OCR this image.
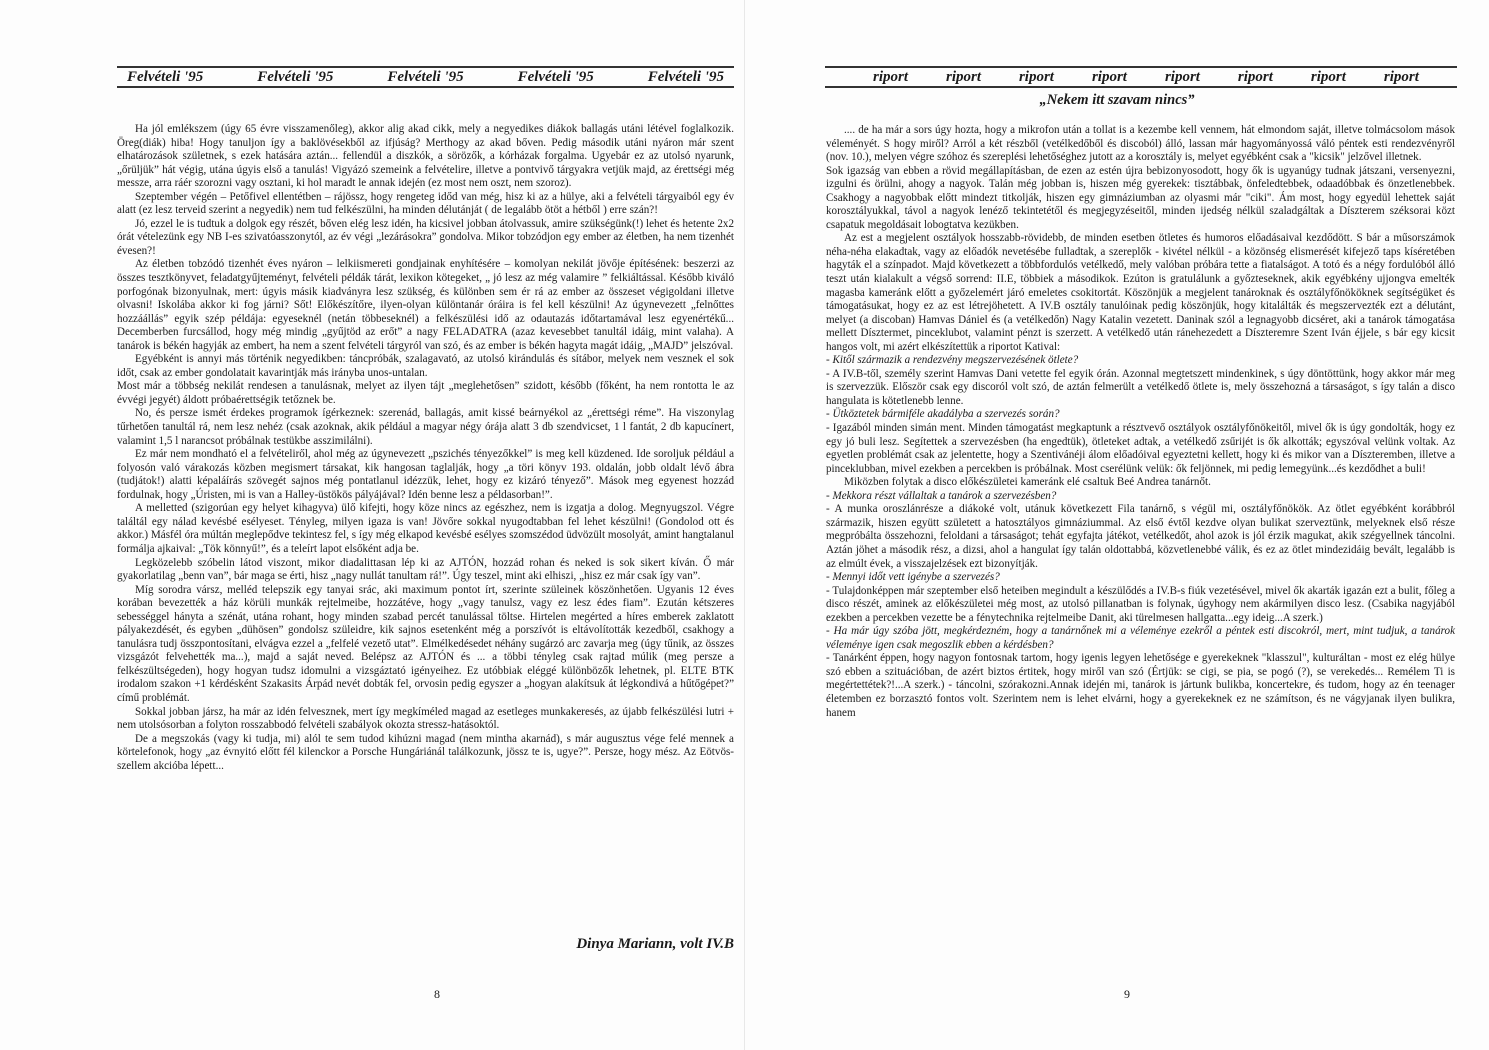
Felvételi '95	Felvételi '95	Felvételi '95	Felvételi '95	Felvételi '95

Ha jól emlékszem (úgy 65 évre visszamenőleg), akkor alig akad cikk, mely a negyedikes diákok ballagás utáni létével foglalkozik. Öreg(diák) hiba! Hogy tanuljon így a baklövésekből az ifjúság? Merthogy az akad bőven. Pedig második utáni nyáron már szent elhatározások születnek, s ezek hatására aztán... fellendül a diszkók, a sörözők, a kórházak forgalma. Ugyebár ez az utolsó nyarunk, „őrüljük” hát végig, utána úgyis első a tanulás! Vigyázó szemeink a felvételire, illetve a pontvivő tárgyakra vetjük majd, az érettségi még messze, arra ráér szorozni vagy osztani, ki hol maradt le annak idején (ez most nem oszt, nem szoroz).

Szeptember végén – Petőfivel ellentétben – rájössz, hogy rengeteg időd van még, hisz ki az a hülye, aki a felvételi tárgyaiból egy év alatt (ez lesz terveid szerint a negyedik) nem tud felkészülni, ha minden délutánját ( de legalább ötöt a hétből ) erre szán?!

Jó, ezzel le is tudtuk a dolgok egy részét, bőven elég lesz idén, ha kicsivel jobban átolvassuk, amire szükségünk(!) lehet és hetente 2x2 órát vételezünk egy NB I-es szivatóasszonytól, az év végi „lezárásokra” gondolva. Mikor tobzódjon egy ember az életben, ha nem tizenhét évesen?!

Az életben tobzódó tizenhét éves nyáron – lelkiismereti gondjainak enyhítésére – komolyan nekilát jövője építésének: beszerzi az összes tesztkönyvet, feladatgyűjteményt, felvételi példák tárát, lexikon kötegeket, „ jó lesz az még valamire ” felkiáltással. Később kiváló porfogónak bizonyulnak, mert: úgyis másik kiadványra lesz szükség, és különben sem ér rá az ember az összeset végigoldani illetve olvasni! Iskolába akkor ki fog járni? Sőt! Előkészítőre, ilyen-olyan különtanár óráira is fel kell készülni! Az úgynevezett „felnőttes hozzáállás” egyik szép példája: egyeseknél (netán többeseknél) a felkészülési idő az odautazás időtartamával lesz egyenértékű... Decemberben furcsállod, hogy még mindig „gyűjtöd az erőt” a nagy FELADATRA (azaz kevesebbet tanultál idáig, mint valaha). A tanárok is békén hagyják az embert, ha nem a szent felvételi tárgyról van szó, és az ember is békén hagyta magát idáig, „MAJD” jelszóval.

Egyébként is annyi más történik negyedikben: táncpróbák, szalagavató, az utolsó kirándulás és sítábor, melyek nem vesznek el sok időt, csak az ember gondolatait kavarintják más irányba unos-untalan.

Most már a többség nekilát rendesen a tanulásnak, melyet az ilyen tájt „meglehetősen” szidott, később (főként, ha nem rontotta le az évvégi jegyét) áldott próbaérettségik tetőznek be.

No, és persze ismét érdekes programok ígérkeznek: szerenád, ballagás, amit kissé beárnyékol az „érettségi réme”. Ha viszonylag tűrhetően tanultál rá, nem lesz nehéz (csak azoknak, akik például a magyar négy órája alatt 3 db szendvicset, 1 l fantát, 2 db kapucínert, valamint 1,5 l narancsot próbálnak testükbe asszimilálni).

Ez már nem mondható el a felvételiről, ahol még az úgynevezett „pszichés tényezőkkel” is meg kell küzdened. Ide soroljuk például a folyosón való várakozás közben megismert társakat, kik hangosan taglalják, hogy „a töri könyv 193. oldalán, jobb oldalt lévő ábra (tudjátok!) alatti képaláírás szövegét sajnos még pontatlanul idézzük, lehet, hogy ez kizáró tényező”. Mások meg egyenest hozzád fordulnak, hogy „Úristen, mi is van a Halley-üstökös pályájával? Idén benne lesz a példasorban!”.

A melletted (szigorúan egy helyet kihagyva) ülő kifejti, hogy köze nincs az egészhez, nem is izgatja a dolog. Megnyugszol. Végre találtál egy nálad kevésbé esélyeset. Tényleg, milyen igaza is van! Jövőre sokkal nyugodtabban fel lehet készülni! (Gondolod ott és akkor.) Másfél óra múltán meglepődve tekintesz fel, s így még elkapod kevésbé esélyes szomszédod üdvözült mosolyát, amint hangtalanul formálja ajkaival: „Tök könnyű!”, és a teleírt lapot elsőként adja be.

Legközelebb szóbelin látod viszont, mikor diadalittasan lép ki az AJTÓN, hozzád rohan és neked is sok sikert kíván. Ő már gyakorlatilag „benn van”, bár maga se érti, hisz „nagy nullát tanultam rá!”. Úgy teszel, mint aki elhiszi, „hisz ez már csak így van”.

Míg sorodra vársz, melléd telepszik egy tanyai srác, aki maximum pontot írt, szerinte szüleinek köszönhetően. Ugyanis 12 éves korában bevezették a ház körüli munkák rejtelmeibe, hozzátéve, hogy „vagy tanulsz, vagy ez lesz édes fiam”. Ezután kétszeres sebességgel hányta a szénát, utána rohant, hogy minden szabad percét tanulással töltse. Hirtelen megérted a híres emberek zaklatott pályakezdését, és egyben „dühösen” gondolsz szüleidre, kik sajnos esetenként még a porszívót is eltávolították kezedből, csakhogy a tanulásra tudj összpontosítani, elvágva ezzel a „felfelé vezető utat”. Elmélkedésedet néhány sugárzó arc zavarja meg (úgy tűnik, az összes vizsgázót felvehették ma...), majd a saját neved. Belépsz az AJTÓN és ... a többi tényleg csak rajtad múlik (meg persze a felkészültségeden), hogy hogyan tudsz idomulni a vizsgáztató igényeihez. Ez utóbbiak eléggé különbözők lehetnek, pl. ELTE BTK irodalom szakon +1 kérdésként Szakasits Árpád nevét dobták fel, orvosin pedig egyszer a „hogyan alakítsuk át légkondivá a hűtőgépet?” című problémát.

Sokkal jobban jársz, ha már az idén felvesznek, mert így megkíméled magad az esetleges munkakeresés, az újabb felkészülési lutri + nem utolsósorban a folyton rosszabbodó felvételi szabályok okozta stressz-hatásoktól.

De a megszokás (vagy ki tudja, mi) alól te sem tudod kihúzni magad (nem mintha akarnád), s már augusztus vége felé mennek a körtelefonok, hogy „az évnyitó előtt fél kilenckor a Porsche Hungáriánál találkozunk, jössz te is, ugye?”. Persze, hogy mész. Az Eötvös-szellem akcióba lépett...

Dinya Mariann, volt IV.B
8
riport	riport	riport	riport	riport	riport	riport	riport
„Nekem itt szavam nincs”

.... de ha már a sors úgy hozta, hogy a mikrofon után a tollat is a kezembe kell vennem, hát elmondom saját, illetve tolmácsolom mások véleményét. S hogy miről? Arról a két részből (vetélkedőből és discoból) álló, lassan már hagyományossá váló péntek esti rendezvényről (nov. 10.), melyen végre szóhoz és szereplési lehetőséghez jutott az a korosztály is, melyet egyébként csak a "kicsik" jelzővel illetnek.

Sok igazság van ebben a rövid megállapításban, de ezen az estén újra bebizonyosodott, hogy ők is ugyanúgy tudnak játszani, versenyezni, izgulni és örülni, ahogy a nagyok. Talán még jobban is, hiszen még gyerekek: tisztábbak, önfeledtebbek, odaadóbbak és önzetlenebbek. Csakhogy a nagyobbak előtt mindezt titkolják, hiszen egy gimnáziumban az olyasmi már "ciki". Ám most, hogy egyedül lehettek saját korosztályukkal, távol a nagyok lenéző tekintetétől és megjegyzéseitől, minden ijedség nélkül szaladgáltak a Díszterem széksorai közt csapatuk megoldásait lobogtatva kezükben.

Az est a megjelent osztályok hosszabb-rövidebb, de minden esetben ötletes és humoros előadásaival kezdődött. S bár a műsorszámok néha-néha elakadtak, vagy az előadók nevetésébe fulladtak, a szereplők - kivétel nélkül - a közönség elismerését kifejező taps kíséretében hagyták el a színpadot. Majd következett a többfordulós vetélkedő, mely valóban próbára tette a fiatalságot. A totó és a négy fordulóból álló teszt után kialakult a végső sorrend: II.E, többiek a másodikok. Ezúton is gratulálunk a győzteseknek, akik egyébkény ujjongva emelték magasba kameránk előtt a győzelemért járó emeletes csokitortát. Köszönjük a megjelent tanároknak és osztályfőnököknek segítségüket és támogatásukat, hogy ez az est létrejöhetett. A IV.B osztály tanulóinak pedig köszönjük, hogy kitalálták és megszervezték ezt a délutánt, melyet (a discoban) Hamvas Dániel és (a vetélkedőn) Nagy Katalin vezetett. Daninak szól a legnagyobb dicséret, aki a tanárok támogatása mellett Dísztermet, pinceklubot, valamint pénzt is szerzett. A vetélkedő után ránehezedett a Díszteremre Szent Iván éjjele, s bár egy kicsit hangos volt, mi azért elkészítettük a riportot Katival:

- Kitől származik a rendezvény megszervezésének ötlete?

- A IV.B-től, személy szerint Hamvas Dani vetette fel egyik órán. Azonnal megtetszett mindenkinek, s úgy döntöttünk, hogy akkor már meg is szervezzük. Először csak egy discoról volt szó, de aztán felmerült a vetélkedő ötlete is, mely összehozná a társaságot, s így talán a disco hangulata is kötetlenebb lenne.

- Ütköztetek bármiféle akadályba a szervezés során?

- Igazából minden simán ment. Minden támogatást megkaptunk a résztvevő osztályok osztályfőnökeitől, mivel ők is úgy gondolták, hogy ez egy jó buli lesz. Segítettek a szervezésben (ha engedtük), ötleteket adtak, a vetélkedő zsűrijét is ők alkották; egyszóval velünk voltak. Az egyetlen problémát csak az jelentette, hogy a Szentivánéji álom előadóival egyeztetni kellett, hogy ki és mikor van a Díszteremben, illetve a pinceklubban, mivel ezekben a percekben is próbálnak. Most cserélünk velük: ők feljönnek, mi pedig lemegyünk...és kezdődhet a buli!

Miközben folytak a disco előkészületei kameránk elé csaltuk Beé Andrea tanárnőt.

- Mekkora részt vállaltak a tanárok a szervezésben?

- A munka oroszlánrésze a diákoké volt, utánuk következett Fila tanárnő, s végül mi, osztályfőnökök. Az ötlet egyébként korábbról származik, hiszen együtt született a hatosztályos gimnáziummal. Az első évtől kezdve olyan bulikat szerveztünk, melyeknek első része megpróbálta összehozni, feloldani a társaságot; tehát egyfajta játékot, vetélkedőt, ahol azok is jól érzik magukat, akik szégyellnek táncolni. Aztán jöhet a második rész, a dizsi, ahol a hangulat így talán oldottabbá, közvetlenebbé válik, és ez az ötlet mindezidáig bevált, legalább is az elmúlt évek, a visszajelzések ezt bizonyítják.

- Mennyi időt vett igénybe a szervezés?

- Tulajdonképpen már szeptember első heteiben megindult a készülődés a IV.B-s fiúk vezetésével, mivel ők akarták igazán ezt a bulit, főleg a disco részét, aminek az előkészületei még most, az utolsó pillanatban is folynak, úgyhogy nem akármilyen disco lesz. (Csabika nagyjából ezekben a percekben vezette be a fénytechnika rejtelmeibe Danit, aki türelmesen hallgatta...egy ideig...A szerk.)

- Ha már úgy szóba jött, megkérdezném, hogy a tanárnőnek mi a véleménye ezekről a péntek esti discokról, mert, mint tudjuk, a tanárok véleménye igen csak megoszlik ebben a kérdésben?

- Tanárként éppen, hogy nagyon fontosnak tartom, hogy igenis legyen lehetősége e gyerekeknek "klasszul", kulturáltan - most ez elég hülye szó ebben a szituációban, de azért biztos értitek, hogy miről van szó (Értjük: se cigi, se pia, se pogó (?), se verekedés... Remélem Ti is megértettétek?!...A szerk.) - táncolni, szórakozni.Annak idején mi, tanárok is jártunk bulikba, koncertekre, és tudom, hogy az én teenager életemben ez borzasztó fontos volt. Szerintem nem is lehet elvárni, hogy a gyerekeknek ez ne számítson, és ne vágyjanak ilyen bulikra, hanem

9
